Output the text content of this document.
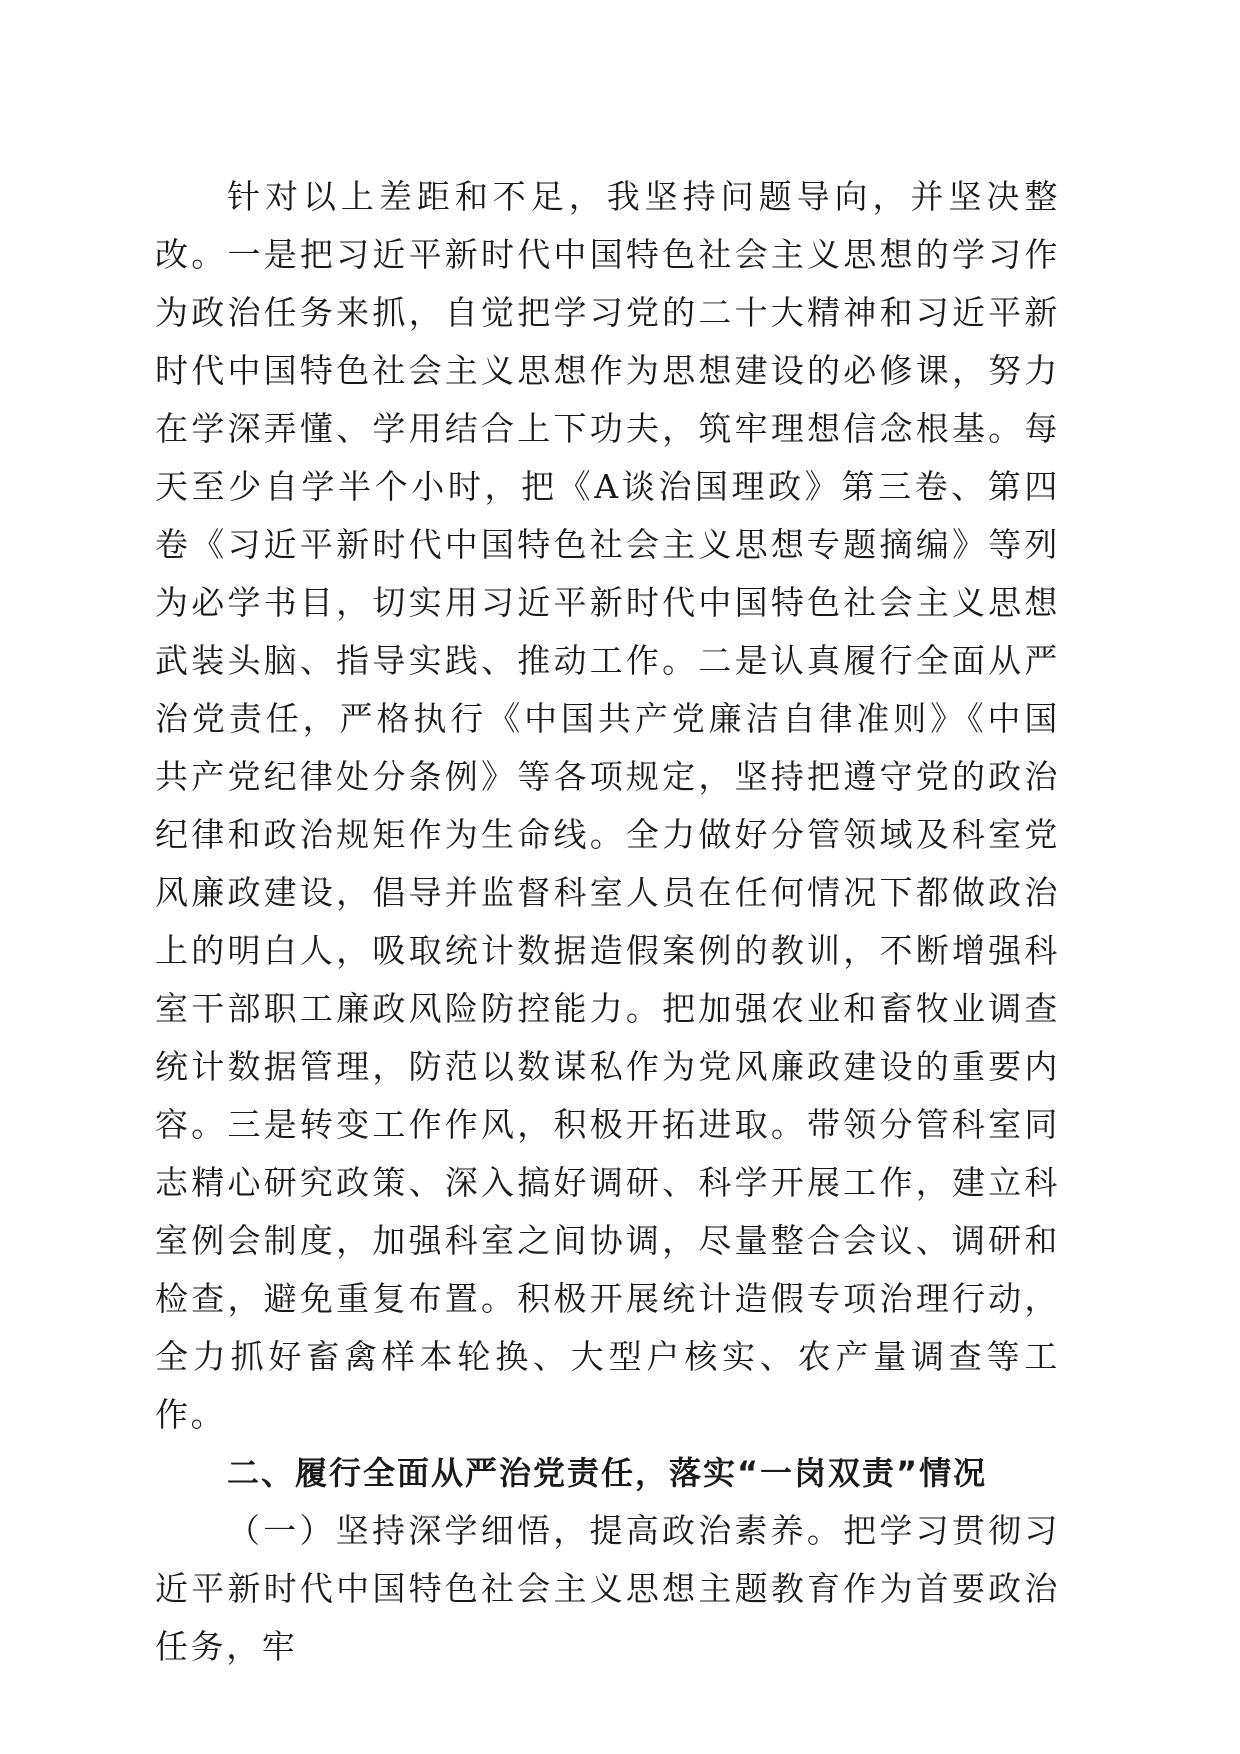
针对以上差距和不足，我坚持问题导向，并坚决整改。一是把习近平新时代中国特色社会主义思想的学习作为政治任务来抓，自觉把学习党的二十大精神和习近平新时代中国特色社会主义思想作为思想建设的必修课，努力在学深弄懂、学用结合上下功夫，筑牢理想信念根基。每天至少自学半个小时，把《A谈治国理政》第三卷、第四卷《习近平新时代中国特色社会主义思想专题摘编》等列为必学书目，切实用习近平新时代中国特色社会主义思想武装头脑、指导实践、推动工作。二是认真履行全面从严治党责任，严格执行《中国共产党廉洁自律准则》《中国共产党纪律处分条例》等各项规定，坚持把遵守党的政治纪律和政治规矩作为生命线。全力做好分管领域及科室党风廉政建设，倡导并监督科室人员在任何情况下都做政治上的明白人，吸取统计数据造假案例的教训，不断增强科室干部职工廉政风险防控能力。把加强农业和畜牧业调查统计数据管理，防范以数谋私作为党风廉政建设的重要内容。三是转变工作作风，积极开拓进取。带领分管科室同志精心研究政策、深入搞好调研、科学开展工作，建立科室例会制度，加强科室之间协调，尽量整合会议、调研和检查，避免重复布置。积极开展统计造假专项治理行动，全力抓好畜禽样本轮换、大型户核实、农产量调查等工作。

二、履行全面从严治党责任，落实“一岗双责”情况

（一）坚持深学细悟，提高政治素养。把学习贯彻习近平新时代中国特色社会主义思想主题教育作为首要政治任务，牢
